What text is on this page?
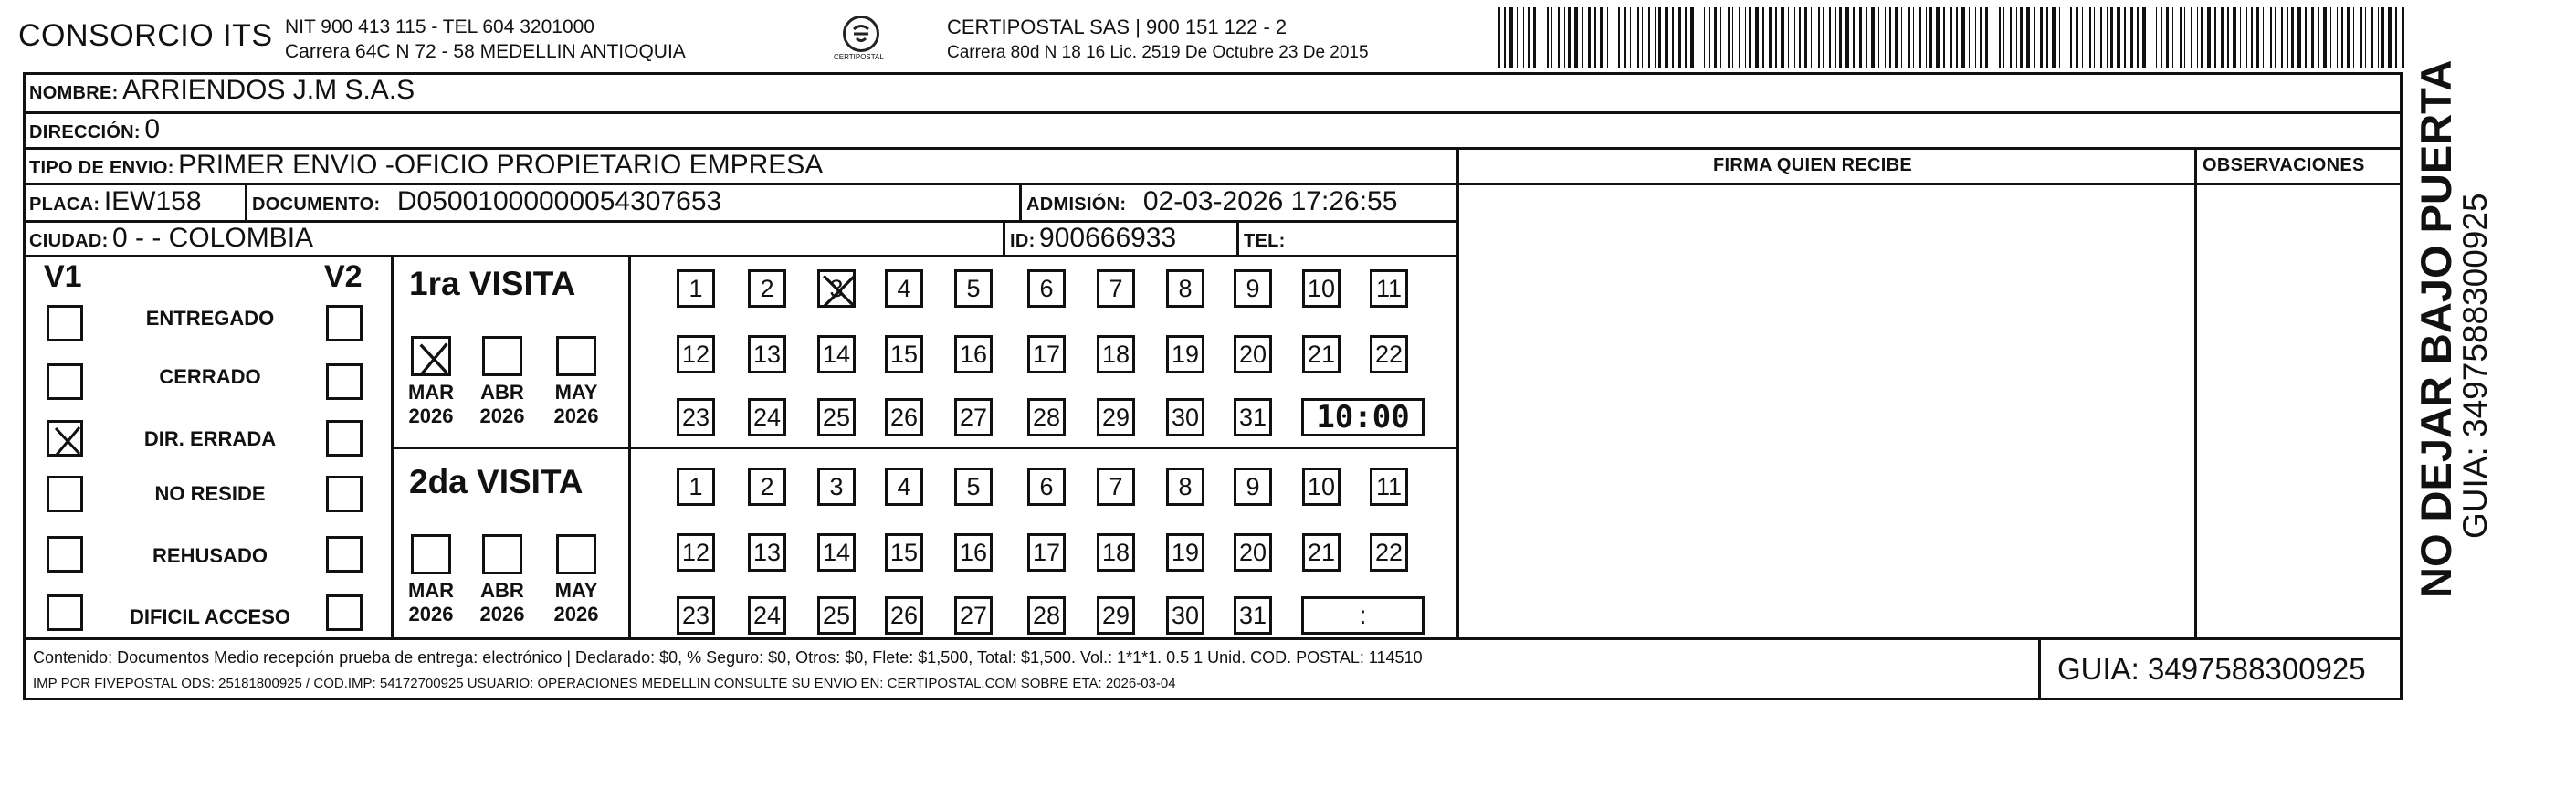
CONSORCIO ITS NIT 900 413 115 - TEL 604 3201000
Carrera 64C N 72 - 58 MEDELLIN ANTIOQUIA	CERTIPOSTAL
CERTIPOSTAL SAS | 900 151 122 - 2
Carrera 80d N 18 16 Lic. 2519 De Octubre 23 De 2015
NOMBRE: ARRIENDOS J.M S.A.S
DIRECCIÓN: 0
TIPO DE ENVIO: PRIMER ENVIO -OFICIO PROPIETARIO EMPRESA	FIRMA QUIEN RECIBE	OBSERVACIONES
PLACA: IEW158	DOCUMENTO: D05001000000054307653	ADMISIÓN: 02-03-2026 17:26:55
CIUDAD: 0 - - COLOMBIA	ID: 900666933	TEL:
V1	V2
ENTREGADO
CERRADO
DIR. ERRADA
NO RESIDE
REHUSADO
DIFICIL ACCESO
1ra VISITA
MAR
2026
ABR
2026
MAY
2026
1	2	3	4	5	6	7	8	9	10 11
12 13 14 15 16 17 18 19 20 21 22
23 24 25 26 27 28 29 30 31	10:00
2da VISITA
MAR
2026
ABR
2026
MAY
2026
1	2	3	4	5	6	7	8	9	10 11
12 13 14 15 16 17 18 19 20 21 22
23 24 25 26 27 28 29 30 31	:
Contenido: Documentos Medio recepción prueba de entrega: electrónico | Declarado: $0, % Seguro: $0, Otros: $0, Flete: $1,500, Total: $1,500. Vol.: 1*1*1. 0.5 1 Unid. COD. POSTAL: 114510
IMP POR FIVEPOSTAL ODS: 25181800925 / COD.IMP: 54172700925 USUARIO: OPERACIONES MEDELLIN CONSULTE SU ENVIO EN: CERTIPOSTAL.COM SOBRE ETA: 2026-03-04	GUIA: 3497588300925
NO DEJAR BAJO PUERTA
GUIA: 3497588300925
